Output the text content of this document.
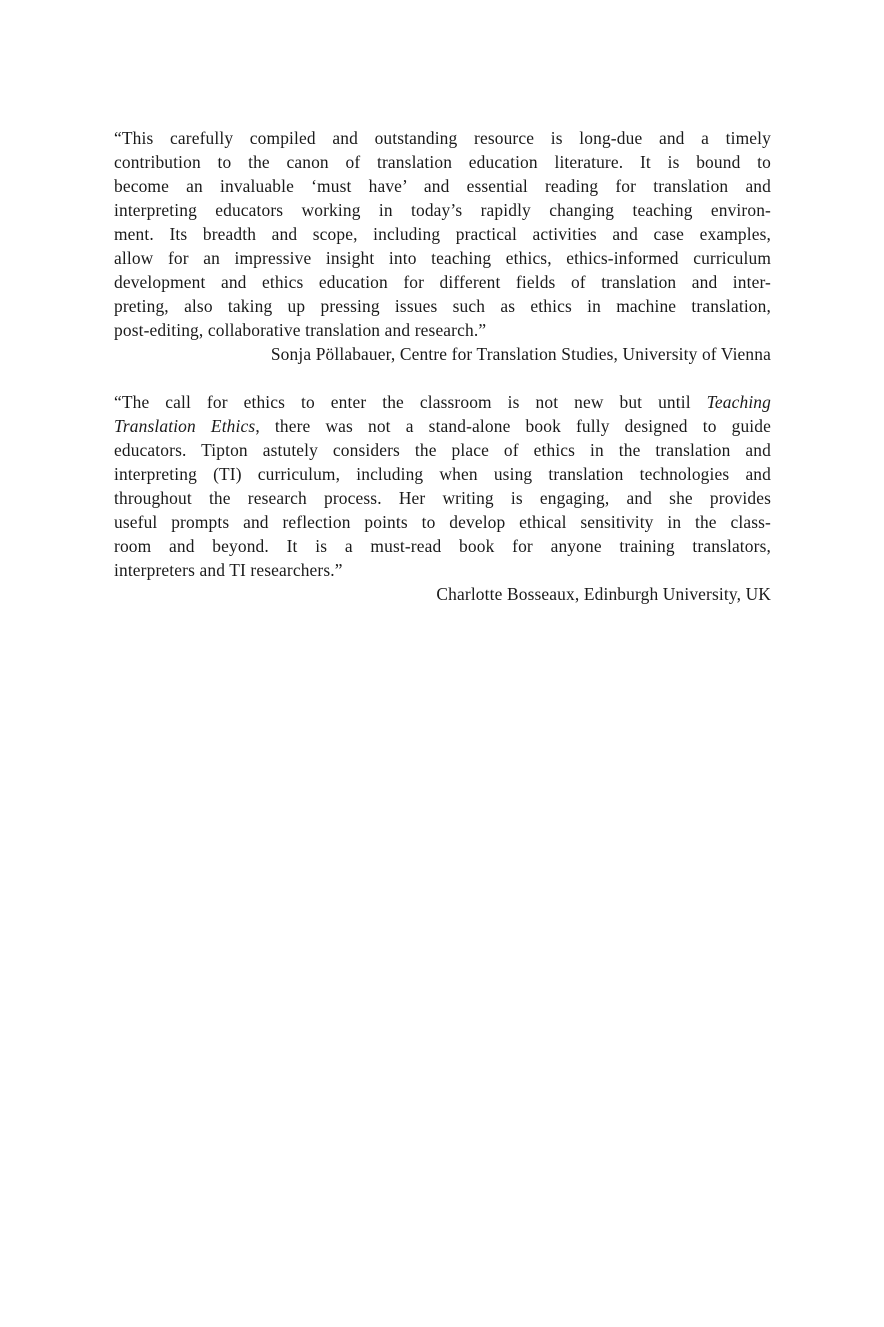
“This carefully compiled and outstanding resource is long-due and a timely
contribution to the canon of translation education literature. It is bound to
become an invaluable ‘must have’ and essential reading for translation and
interpreting educators working in today’s rapidly changing teaching environ-
ment. Its breadth and scope, including practical activities and case examples,
allow for an impressive insight into teaching ethics, ethics-informed curriculum
development and ethics education for different fields of translation and inter-
preting, also taking up pressing issues such as ethics in machine translation,
post-editing, collaborative translation and research.”

Sonja Pöllabauer, Centre for Translation Studies, University of Vienna

“The call for ethics to enter the classroom is not new but until Teaching
Translation Ethics, there was not a stand-alone book fully designed to guide
educators. Tipton astutely considers the place of ethics in the translation and
interpreting (TI) curriculum, including when using translation technologies and
throughout the research process. Her writing is engaging, and she provides
useful prompts and reflection points to develop ethical sensitivity in the class-
room and beyond. It is a must-read book for anyone training translators,
interpreters and TI researchers.”

Charlotte Bosseaux, Edinburgh University, UK
